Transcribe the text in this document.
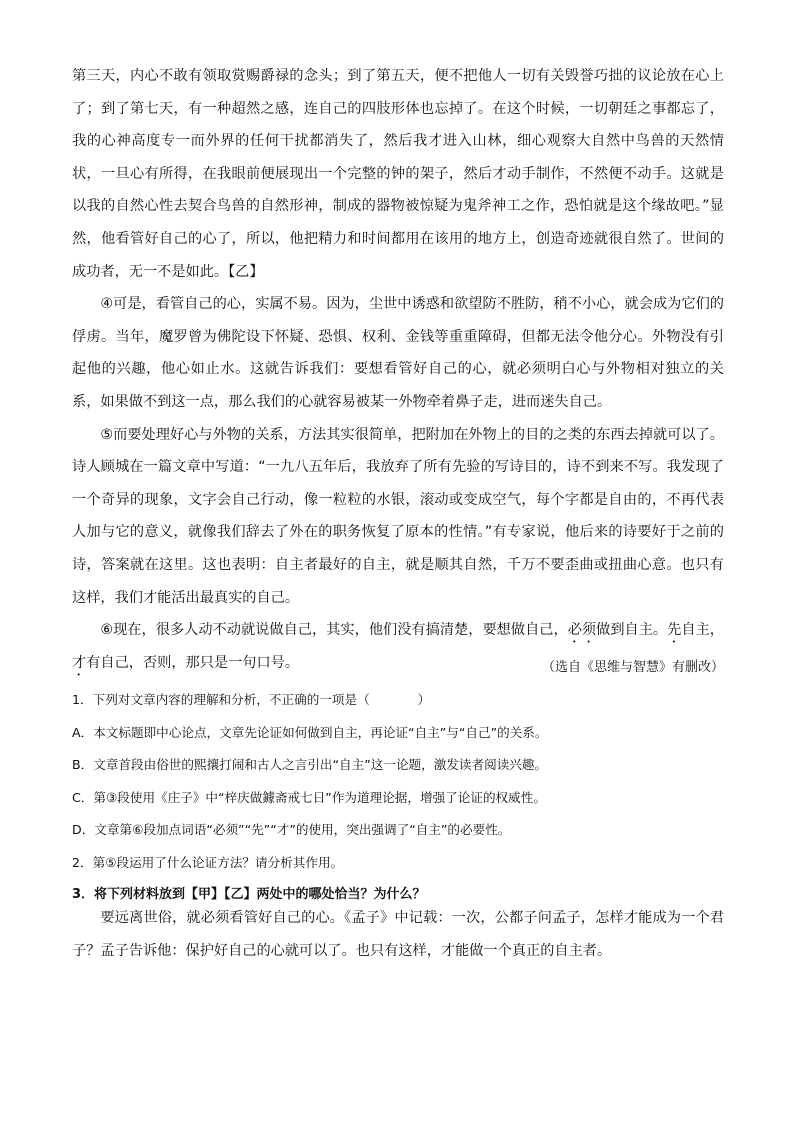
第三天，内心不敢有领取赏赐爵禄的念头；到了第五天，便不把他人一切有关毁誉巧拙的议论放在心上了；到了第七天，有一种超然之感，连自己的四肢形体也忘掉了。在这个时候，一切朝廷之事都忘了，我的心神高度专一而外界的任何干扰都消失了，然后我才进入山林，细心观察大自然中鸟兽的天然情状，一旦心有所得，在我眼前便展现出一个完整的钟的架子，然后才动手制作，不然便不动手。这就是以我的自然心性去契合鸟兽的自然形神，制成的器物被惊疑为鬼斧神工之作，恐怕就是这个缘故吧。”显然，他看管好自己的心了，所以，他把精力和时间都用在该用的地方上，创造奇迹就很自然了。世间的成功者，无一不是如此。【乙】

④可是，看管自己的心，实属不易。因为，尘世中诱惑和欲望防不胜防，稍不小心，就会成为它们的俘虏。当年，魔罗曾为佛陀设下怀疑、恐惧、权利、金钱等重重障碍，但都无法令他分心。外物没有引起他的兴趣，他心如止水。这就告诉我们：要想看管好自己的心，就必须明白心与外物相对独立的关系，如果做不到这一点，那么我们的心就容易被某一外物牵着鼻子走，进而迷失自己。

⑤而要处理好心与外物的关系，方法其实很简单，把附加在外物上的目的之类的东西去掉就可以了。诗人顾城在一篇文章中写道：“一九八五年后，我放弃了所有先验的写诗目的，诗不到来不写。我发现了一个奇异的现象，文字会自己行动，像一粒粒的水银，滚动或变成空气，每个字都是自由的，不再代表人加与它的意义，就像我们辞去了外在的职务恢复了原本的性情。”有专家说，他后来的诗要好于之前的诗，答案就在这里。这也表明：自主者最好的自主，就是顺其自然，千万不要歪曲或扭曲心意。也只有这样，我们才能活出最真实的自己。

⑥现在，很多人动不动就说做自己，其实，他们没有搞清楚，要想做自己，必须做到自主。先自主，才有自己，否则，那只是一句口号。	（选自《思维与智慧》有删改）

1．下列对文章内容的理解和分析，不正确的一项是（	）

A．本文标题即中心论点，文章先论证如何做到自主，再论证“自主”与“自己”的关系。

B．文章首段由俗世的熙攘打闹和古人之言引出“自主”这一论题，激发读者阅读兴趣。

C．第③段使用《庄子》中“梓庆做鐻斋戒七日”作为道理论据，增强了论证的权威性。

D．文章第⑥段加点词语“必须”“先”“才”的使用，突出强调了“自主”的必要性。

2．第⑤段运用了什么论证方法？请分析其作用。

3．将下列材料放到【甲】【乙】两处中的哪处恰当？为什么？

要远离世俗，就必须看管好自己的心。《孟子》中记载：一次，公都子问孟子，怎样才能成为一个君子？孟子告诉他：保护好自己的心就可以了。也只有这样，才能做一个真正的自主者。
